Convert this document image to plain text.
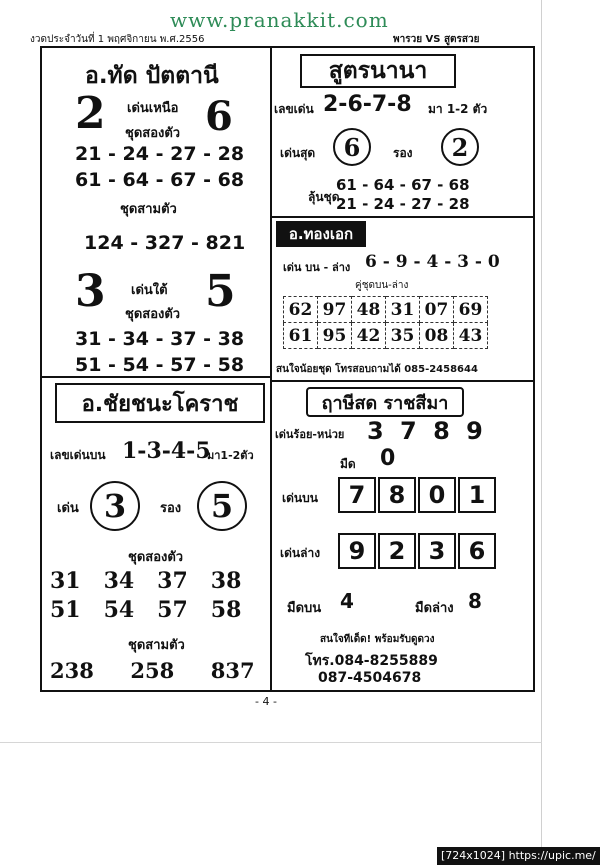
www.pranakkit.com
งวดประจำวันที่ 1 พฤศจิกายน พ.ศ.2556	พารวย VS สูตรสวย
อ.ทัด ปัตตานี
2 เด่นเหนือ 6
ชุดสองตัว
21 - 24 - 27 - 28
61 - 64 - 67 - 68
ชุดสามตัว
124 - 327 - 821
3 เด่นใต้ 5
ชุดสองตัว
31 - 34 - 37 - 38
51 - 54 - 57 - 58
อ.ชัยชนะโคราช
เลขเด่นบน 1-3-4-5
มา1-2ตัว
เด่น 3	รอง 5
ชุดสองตัว
31   34   37   38
51   54   57   58
ชุดสามตัว
238     258     837
สูตรนานา
เลขเด่น 2-6-7-8 มา 1-2 ตัว
เด่นสุด	6	รอง	2
ลุ้นชุด
61 - 64 - 67 - 68
21 - 24 - 27 - 28
อ.ทองเอก
เด่น บน - ล่าง 6 - 9 - 4 - 3 - 0
คู่ชุดบน-ล่าง
62	97	48	31	07	69
61	95	42	35	08	43
สนใจน้อยชุด โทรสอบถามได้ 085-2458644
ฤาษีสด ราชสีมา
เด่นร้อย-หน่วย 3 7 8 9
มืด 0
เด่นบน	7 8 0 1
เด่นล่าง	9 2 3 6
มืดบน 4	มืดล่าง 8
สนใจทีเด็ด! พร้อมรับดูดวง
โทร.084-8255889
087-4504678
- 4 -
[724x1024] https://upic.me/
